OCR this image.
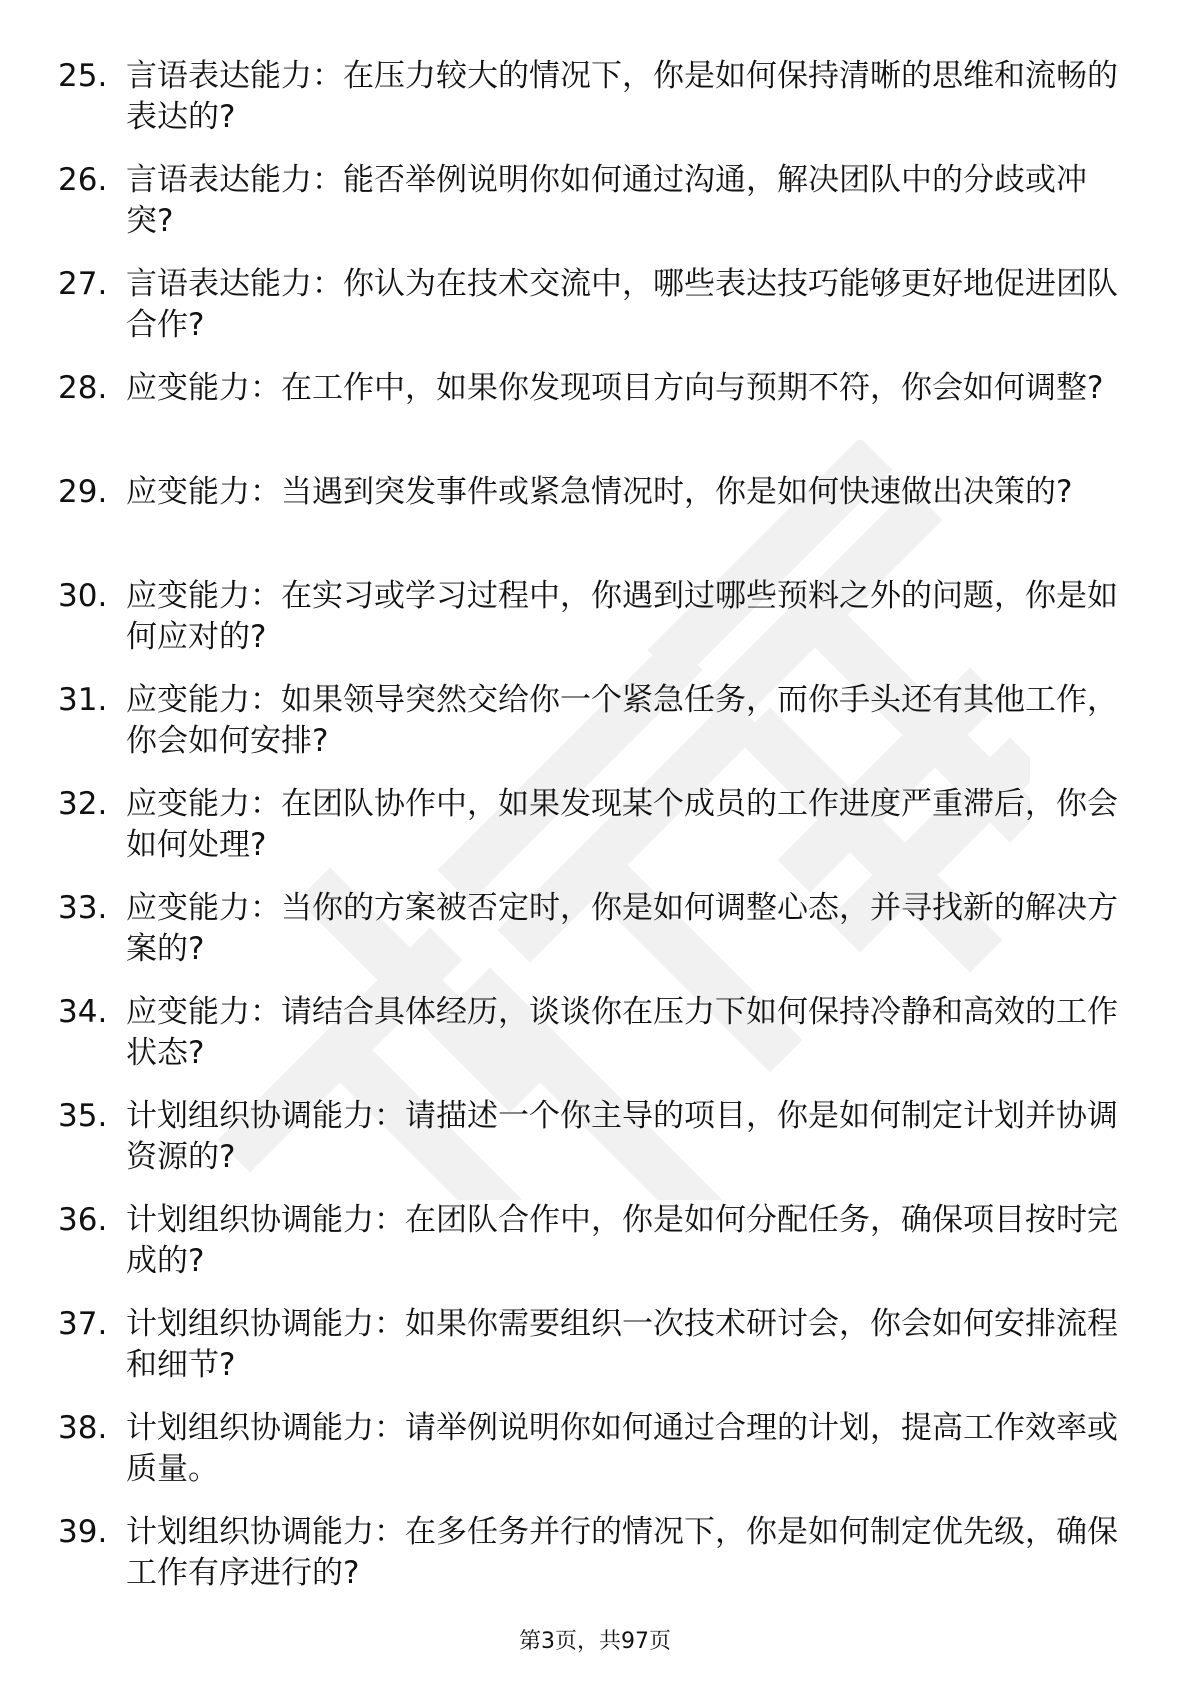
25. 言语表达能力：在压力较大的情况下，你是如何保持清晰的思维和流畅的表达的?
26. 言语表达能力：能否举例说明你如何通过沟通，解决团队中的分歧或冲突?
27. 言语表达能力：你认为在技术交流中，哪些表达技巧能够更好地促进团队合作?
28. 应变能力：在工作中，如果你发现项目方向与预期不符，你会如何调整?
29. 应变能力：当遇到突发事件或紧急情况时，你是如何快速做出决策的?
30. 应变能力：在实习或学习过程中，你遇到过哪些预料之外的问题，你是如何应对的?
31. 应变能力：如果领导突然交给你一个紧急任务，而你手头还有其他工作，你会如何安排?
32. 应变能力：在团队协作中，如果发现某个成员的工作进度严重滞后，你会如何处理?
33. 应变能力：当你的方案被否定时，你是如何调整心态，并寻找新的解决方案的?
34. 应变能力：请结合具体经历，谈谈你在压力下如何保持冷静和高效的工作状态?
35. 计划组织协调能力：请描述一个你主导的项目，你是如何制定计划并协调资源的?
36. 计划组织协调能力：在团队合作中，你是如何分配任务，确保项目按时完成的?
37. 计划组织协调能力：如果你需要组织一次技术研讨会，你会如何安排流程和细节?
38. 计划组织协调能力：请举例说明你如何通过合理的计划，提高工作效率或质量。
39. 计划组织协调能力：在多任务并行的情况下，你是如何制定优先级，确保工作有序进行的?
第3页，共97页
